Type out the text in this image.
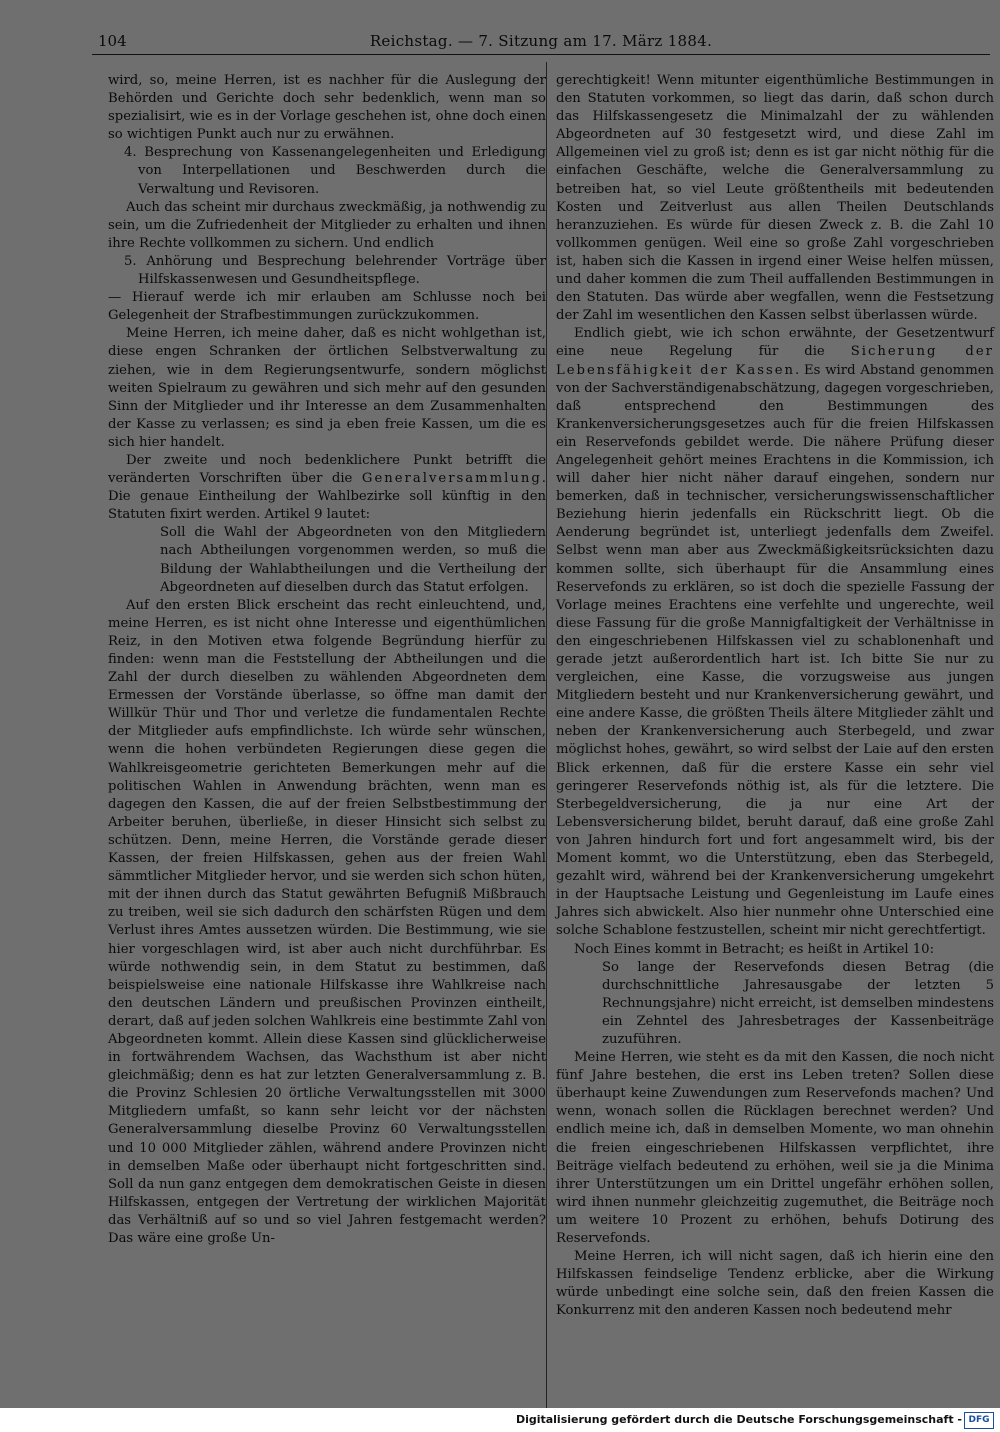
104	Reichstag. — 7. Sitzung am 17. März 1884.

wird, so, meine Herren, ist es nachher für die Auslegung der Behörden und Gerichte doch sehr bedenklich, wenn man so spezialisirt, wie es in der Vorlage geschehen ist, ohne doch einen so wichtigen Punkt auch nur zu erwähnen.

4. Besprechung von Kassenangelegenheiten und Erledigung von Interpellationen und Beschwerden durch die Verwaltung und Revisoren.

Auch das scheint mir durchaus zweckmäßig, ja nothwendig zu sein, um die Zufriedenheit der Mitglieder zu erhalten und ihnen ihre Rechte vollkommen zu sichern. Und endlich

5. Anhörung und Besprechung belehrender Vorträge über Hilfskassenwesen und Gesundheitspflege.

— Hierauf werde ich mir erlauben am Schlusse noch bei Gelegenheit der Strafbestimmungen zurückzukommen.

Meine Herren, ich meine daher, daß es nicht wohlgethan ist, diese engen Schranken der örtlichen Selbstverwaltung zu ziehen, wie in dem Regierungsentwurfe, sondern möglichst weiten Spielraum zu gewähren und sich mehr auf den gesunden Sinn der Mitglieder und ihr Interesse an dem Zusammenhalten der Kasse zu verlassen; es sind ja eben freie Kassen, um die es sich hier handelt.

Der zweite und noch bedenklichere Punkt betrifft die veränderten Vorschriften über die Generalversammlung. Die genaue Eintheilung der Wahlbezirke soll künftig in den Statuten fixirt werden. Artikel 9 lautet:

Soll die Wahl der Abgeordneten von den Mitgliedern nach Abtheilungen vorgenommen werden, so muß die Bildung der Wahlabtheilungen und die Vertheilung der Abgeordneten auf dieselben durch das Statut erfolgen.

Auf den ersten Blick erscheint das recht einleuchtend, und, meine Herren, es ist nicht ohne Interesse und eigenthümlichen Reiz, in den Motiven etwa folgende Begründung hierfür zu finden: wenn man die Feststellung der Abtheilungen und die Zahl der durch dieselben zu wählenden Abgeordneten dem Ermessen der Vorstände überlasse, so öffne man damit der Willkür Thür und Thor und verletze die fundamentalen Rechte der Mitglieder aufs empfindlichste. Ich würde sehr wünschen, wenn die hohen verbündeten Regierungen diese gegen die Wahlkreisgeometrie gerichteten Bemerkungen mehr auf die politischen Wahlen in Anwendung brächten, wenn man es dagegen den Kassen, die auf der freien Selbstbestimmung der Arbeiter beruhen, überließe, in dieser Hinsicht sich selbst zu schützen. Denn, meine Herren, die Vorstände gerade dieser Kassen, der freien Hilfskassen, gehen aus der freien Wahl sämmtlicher Mitglieder hervor, und sie werden sich schon hüten, mit der ihnen durch das Statut gewährten Befugniß Mißbrauch zu treiben, weil sie sich dadurch den schärfsten Rügen und dem Verlust ihres Amtes aussetzen würden. Die Bestimmung, wie sie hier vorgeschlagen wird, ist aber auch nicht durchführbar. Es würde nothwendig sein, in dem Statut zu bestimmen, daß beispielsweise eine nationale Hilfskasse ihre Wahlkreise nach den deutschen Ländern und preußischen Provinzen eintheilt, derart, daß auf jeden solchen Wahlkreis eine bestimmte Zahl von Abgeordneten kommt. Allein diese Kassen sind glücklicherweise in fortwährendem Wachsen, das Wachsthum ist aber nicht gleichmäßig; denn es hat zur letzten Generalversammlung z. B. die Provinz Schlesien 20 örtliche Verwaltungsstellen mit 3000 Mitgliedern umfaßt, so kann sehr leicht vor der nächsten Generalversammlung dieselbe Provinz 60 Verwaltungsstellen und 10 000 Mitglieder zählen, während andere Provinzen nicht in demselben Maße oder überhaupt nicht fortgeschritten sind. Soll da nun ganz entgegen dem demokratischen Geiste in diesen Hilfskassen, entgegen der Vertretung der wirklichen Majorität das Verhältniß auf so und so viel Jahren festgemacht werden? Das wäre eine große Un-

gerechtigkeit! Wenn mitunter eigenthümliche Bestimmungen in den Statuten vorkommen, so liegt das darin, daß schon durch das Hilfskassengesetz die Minimalzahl der zu wählenden Abgeordneten auf 30 festgesetzt wird, und diese Zahl im Allgemeinen viel zu groß ist; denn es ist gar nicht nöthig für die einfachen Geschäfte, welche die Generalversammlung zu betreiben hat, so viel Leute größtentheils mit bedeutenden Kosten und Zeitverlust aus allen Theilen Deutschlands heranzuziehen. Es würde für diesen Zweck z. B. die Zahl 10 vollkommen genügen. Weil eine so große Zahl vorgeschrieben ist, haben sich die Kassen in irgend einer Weise helfen müssen, und daher kommen die zum Theil auffallenden Bestimmungen in den Statuten. Das würde aber wegfallen, wenn die Festsetzung der Zahl im wesentlichen den Kassen selbst überlassen würde.

Endlich giebt, wie ich schon erwähnte, der Gesetzentwurf eine neue Regelung für die Sicherung der Lebensfähigkeit der Kassen. Es wird Abstand genommen von der Sachverständigenabschätzung, dagegen vorgeschrieben, daß entsprechend den Bestimmungen des Krankenversicherungsgesetzes auch für die freien Hilfskassen ein Reservefonds gebildet werde. Die nähere Prüfung dieser Angelegenheit gehört meines Erachtens in die Kommission, ich will daher hier nicht näher darauf eingehen, sondern nur bemerken, daß in technischer, versicherungswissenschaftlicher Beziehung hierin jedenfalls ein Rückschritt liegt. Ob die Aenderung begründet ist, unterliegt jedenfalls dem Zweifel. Selbst wenn man aber aus Zweckmäßigkeitsrücksichten dazu kommen sollte, sich überhaupt für die Ansammlung eines Reservefonds zu erklären, so ist doch die spezielle Fassung der Vorlage meines Erachtens eine verfehlte und ungerechte, weil diese Fassung für die große Mannigfaltigkeit der Verhältnisse in den eingeschriebenen Hilfskassen viel zu schablonenhaft und gerade jetzt außerordentlich hart ist. Ich bitte Sie nur zu vergleichen, eine Kasse, die vorzugsweise aus jungen Mitgliedern besteht und nur Krankenversicherung gewährt, und eine andere Kasse, die größten Theils ältere Mitglieder zählt und neben der Krankenversicherung auch Sterbegeld, und zwar möglichst hohes, gewährt, so wird selbst der Laie auf den ersten Blick erkennen, daß für die erstere Kasse ein sehr viel geringerer Reservefonds nöthig ist, als für die letztere. Die Sterbegeldversicherung, die ja nur eine Art der Lebensversicherung bildet, beruht darauf, daß eine große Zahl von Jahren hindurch fort und fort angesammelt wird, bis der Moment kommt, wo die Unterstützung, eben das Sterbegeld, gezahlt wird, während bei der Krankenversicherung umgekehrt in der Hauptsache Leistung und Gegenleistung im Laufe eines Jahres sich abwickelt. Also hier nunmehr ohne Unterschied eine solche Schablone festzustellen, scheint mir nicht gerechtfertigt.

Noch Eines kommt in Betracht; es heißt in Artikel 10:

So lange der Reservefonds diesen Betrag (die durchschnittliche Jahresausgabe der letzten 5 Rechnungsjahre) nicht erreicht, ist demselben mindestens ein Zehntel des Jahresbetrages der Kassenbeiträge zuzuführen.

Meine Herren, wie steht es da mit den Kassen, die noch nicht fünf Jahre bestehen, die erst ins Leben treten? Sollen diese überhaupt keine Zuwendungen zum Reservefonds machen? Und wenn, wonach sollen die Rücklagen berechnet werden? Und endlich meine ich, daß in demselben Momente, wo man ohnehin die freien eingeschriebenen Hilfskassen verpflichtet, ihre Beiträge vielfach bedeutend zu erhöhen, weil sie ja die Minima ihrer Unterstützungen um ein Drittel ungefähr erhöhen sollen, wird ihnen nunmehr gleichzeitig zugemuthet, die Beiträge noch um weitere 10 Prozent zu erhöhen, behufs Dotirung des Reservefonds.

Meine Herren, ich will nicht sagen, daß ich hierin eine den Hilfskassen feindselige Tendenz erblicke, aber die Wirkung würde unbedingt eine solche sein, daß den freien Kassen die Konkurrenz mit den anderen Kassen noch bedeutend mehr

Digitalisierung gefördert durch die Deutsche Forschungsgemeinschaft - DFG
